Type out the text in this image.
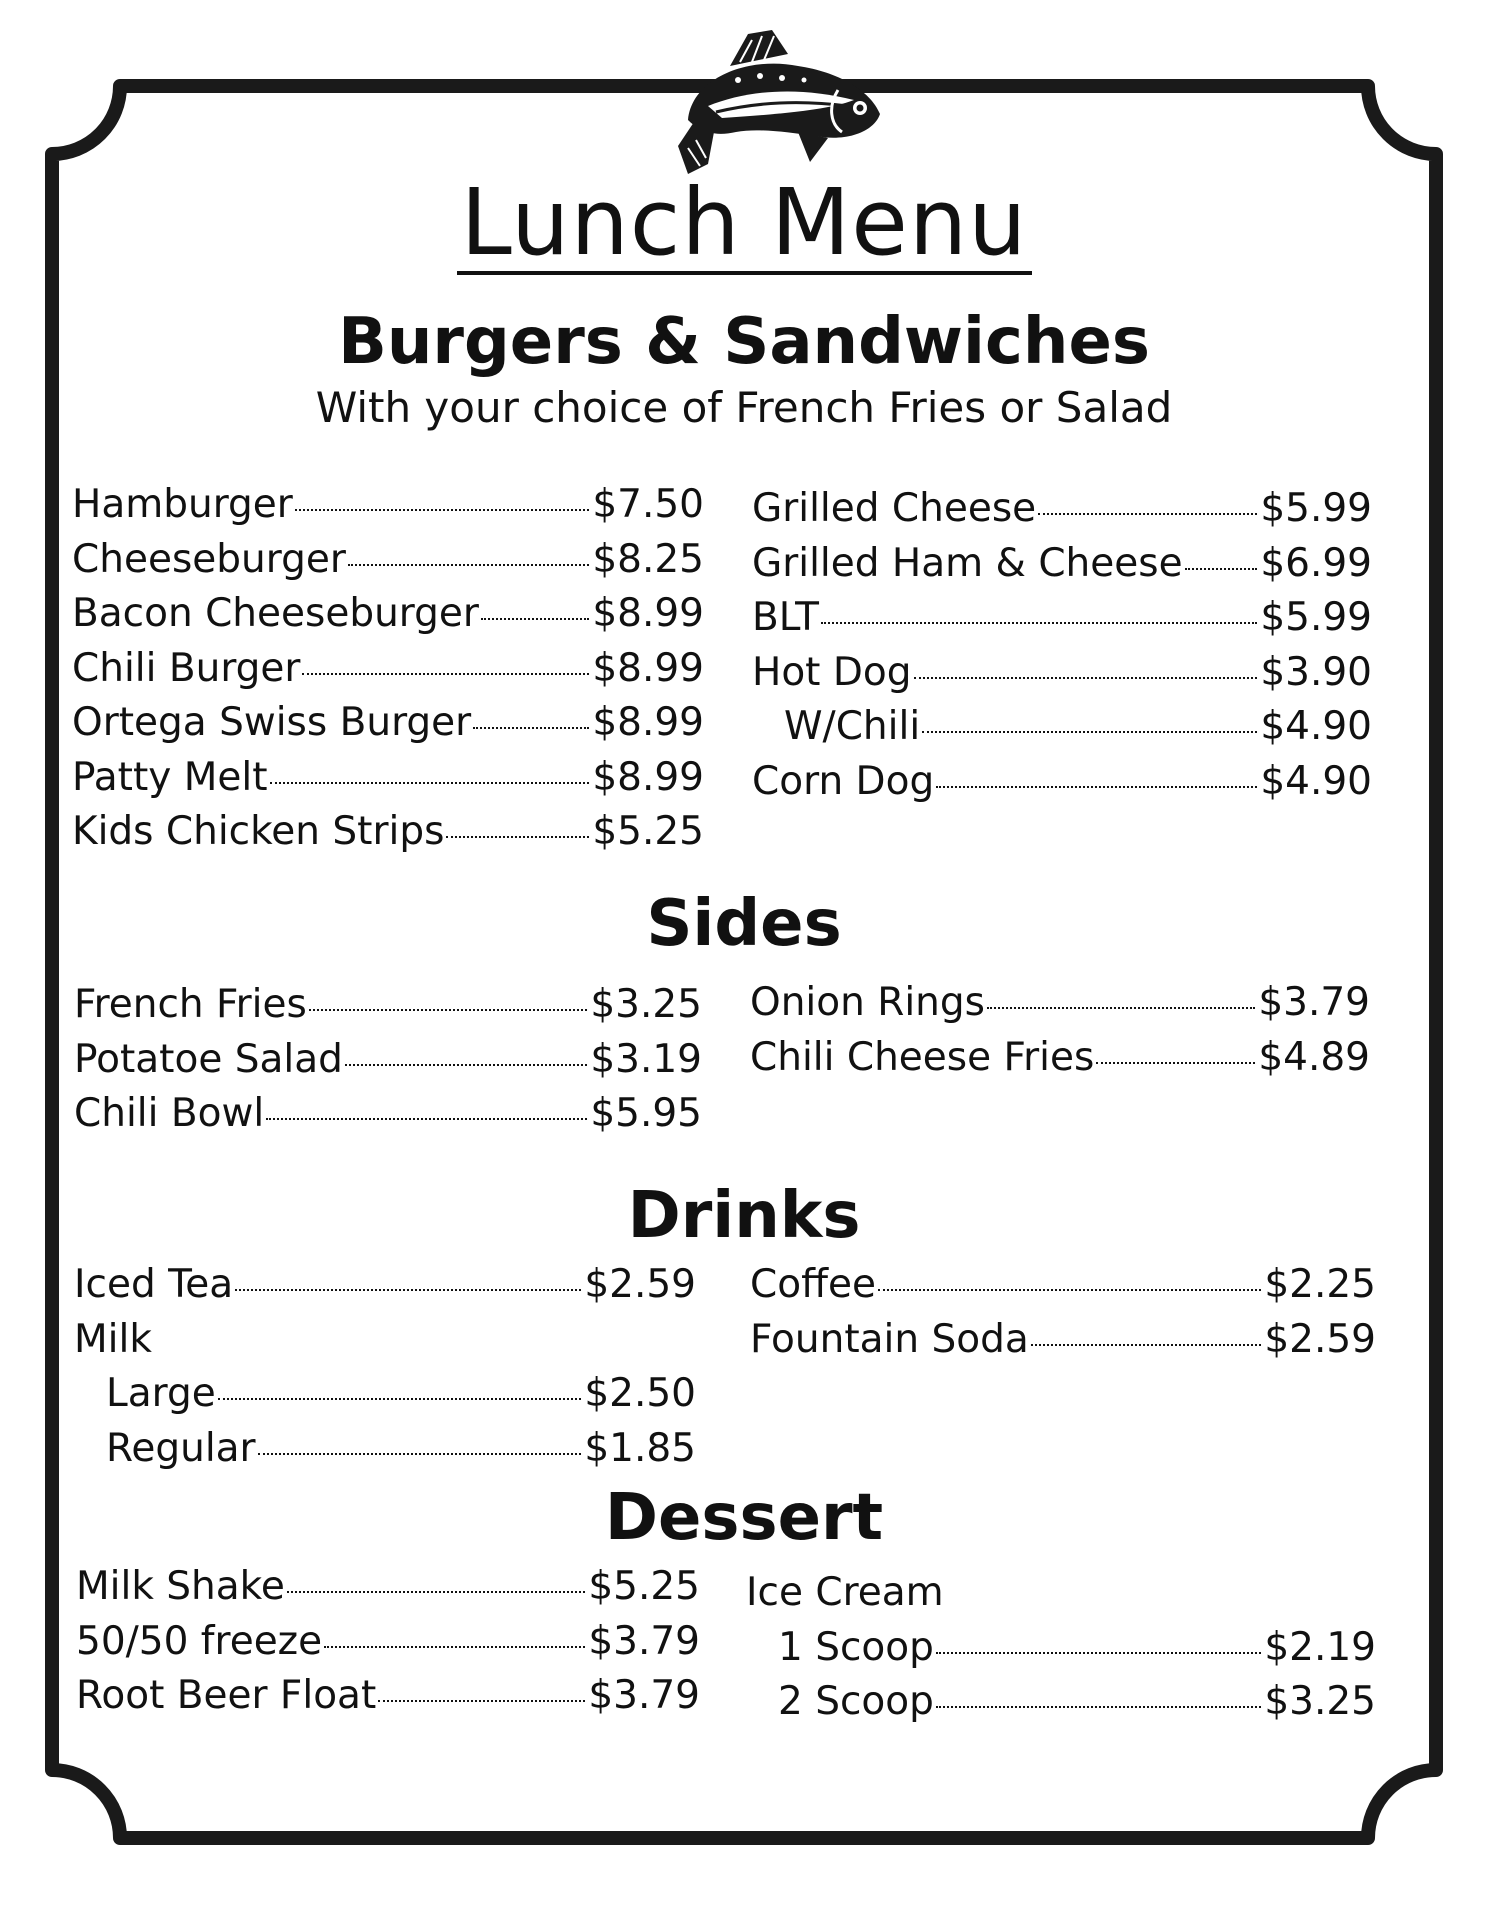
Lunch Menu
Burgers & Sandwiches
With your choice of French Fries or Salad
Hamburger	$7.50
Cheeseburger	$8.25
Bacon Cheeseburger	$8.99
Chili Burger	$8.99
Ortega Swiss Burger	$8.99
Patty Melt	$8.99
Kids Chicken Strips	$5.25
Grilled Cheese	$5.99
Grilled Ham & Cheese $6.99
BLT	$5.99
Hot Dog	$3.90
W/Chili	$4.90
Corn Dog	$4.90
Sides
French Fries	$3.25
Potatoe Salad	$3.19
Chili Bowl	$5.95
Onion Rings	$3.79
Chili Cheese Fries	$4.89
Drinks
Iced Tea	$2.59
Milk
Large	$2.50
Regular	$1.85
Coffee	$2.25
Fountain Soda	$2.59
Dessert
Milk Shake	$5.25
50/50 freeze	$3.79
Root Beer Float	$3.79
Ice Cream
1 Scoop	$2.19
2 Scoop	$3.25
